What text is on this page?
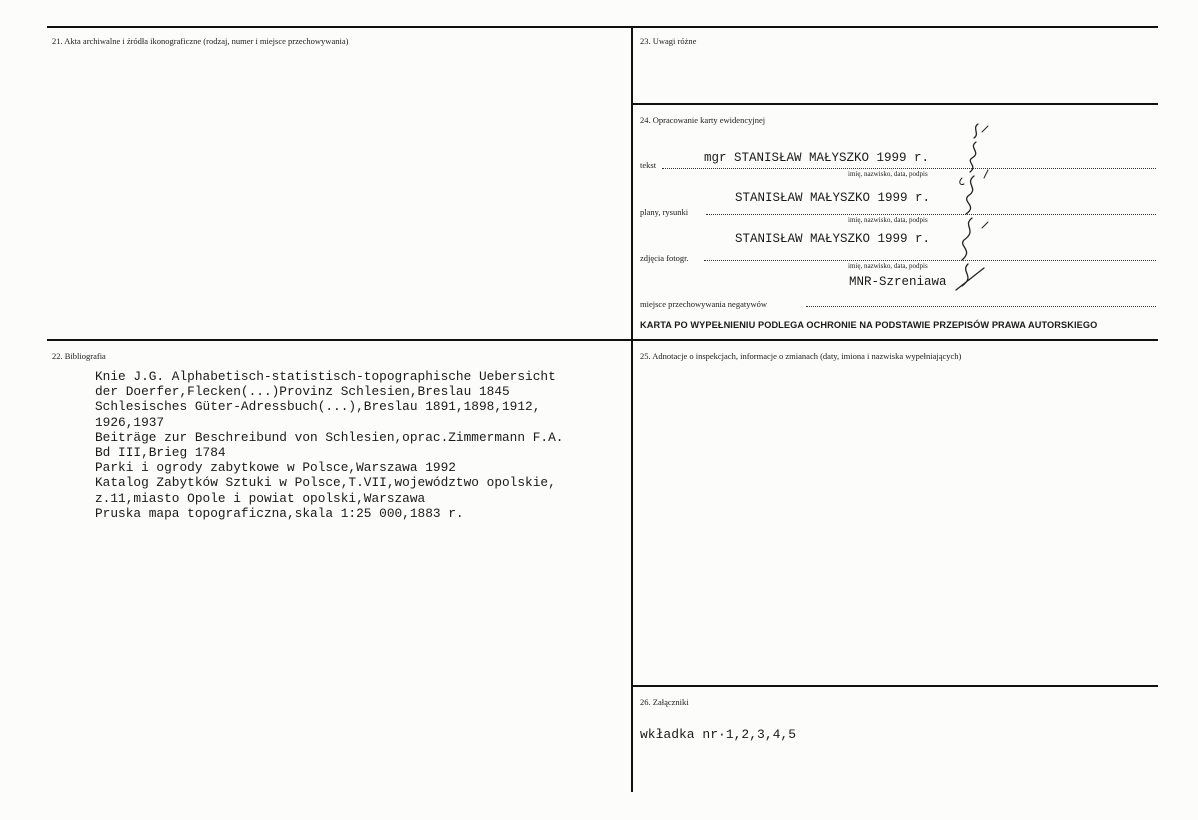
21. Akta archiwalne i źródła ikonograficzne (rodzaj, numer i miejsce przechowywania)
22. Bibliografia
Knie J.G. Alphabetisch-statistisch-topographische Uebersicht
der Doerfer,Flecken(...)Provinz Schlesien,Breslau 1845
Schlesisches Güter-Adressbuch(...),Breslau 1891,1898,1912,
1926,1937
Beiträge zur Beschreibund von Schlesien,oprac.Zimmermann F.A.
Bd III,Brieg 1784
Parki i ogrody zabytkowe w Polsce,Warszawa 1992
Katalog Zabytków Sztuki w Polsce,T.VII,województwo opolskie,
z.11,miasto Opole i powiat opolski,Warszawa
Pruska mapa topograficzna,skala 1:25 000,1883 r.
23. Uwagi różne
24. Opracowanie karty ewidencyjnej
tekst	mgr STANISŁAW MAŁYSZKO 1999 r.
imię, nazwisko, data, podpis
plany, rysunki
STANISŁAW MAŁYSZKO 1999 r.
imię, nazwisko, data, podpis
zdjęcia fotogr.
STANISŁAW MAŁYSZKO 1999 r.
imię, nazwisko, data, podpis
miejsce przechowywania negatywów
MNR-Szreniawa
KARTA PO WYPEŁNIENIU PODLEGA OCHRONIE NA PODSTAWIE PRZEPISÓW PRAWA AUTORSKIEGO
25. Adnotacje o inspekcjach, informacje o zmianach (daty, imiona i nazwiska wypełniających)
26. Załączniki
wkładka nr·1,2,3,4,5
